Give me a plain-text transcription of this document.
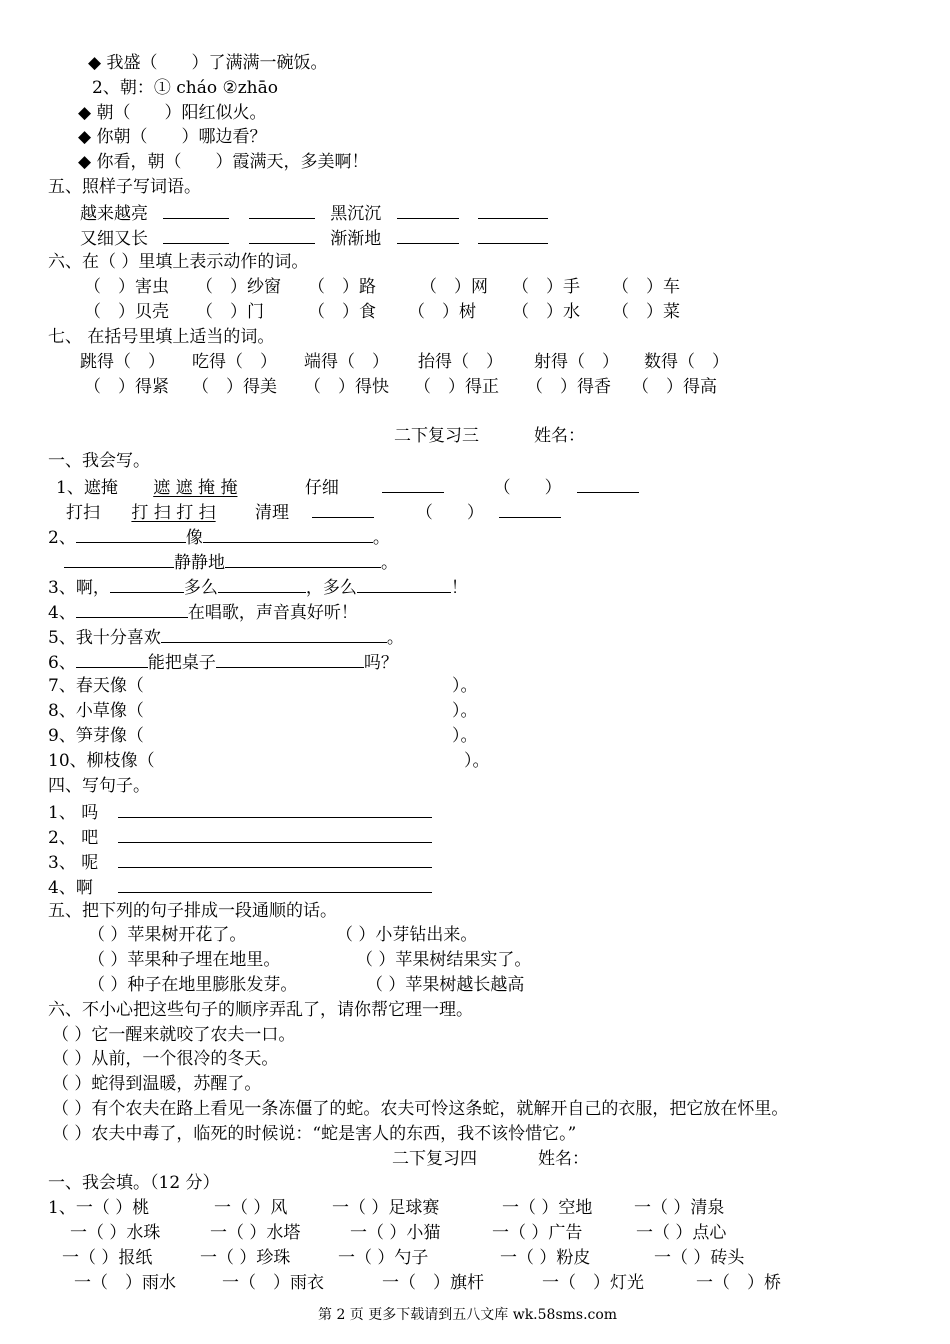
◆ 我盛（　　）了满满一碗饭。
2、朝：① cháo ②zhāo
◆ 朝（　　）阳红似火。
◆ 你朝（　　）哪边看？
◆ 你看，朝（　　）霞满天，多美啊！
五、照样子写词语。
越来越亮	黑沉沉
又细又长	渐渐地
六、在（ ）里填上表示动作的词。
（　）害虫 （　）纱窗 （　）路	（　）网 （　）手 （　）车
（　）贝壳 （　）门	（　）食 （　）树 （　）水 （　）菜
七、 在括号里填上适当的词。
跳得（　） 吃得（　） 端得（　） 抬得（　） 射得（　） 数得（　）
（　）得紧 （　）得美 （　）得快 （　）得正 （　）得香 （　）得高
二下复习三	姓名：
一、我会写。
1、遮掩 遮 遮 掩 掩	仔细	（　　）
打扫 打 扫 打 扫 清理	（　　）
2、	像	。
静静地	。
3、啊，	多么	，多么	！
4、	在唱歌，声音真好听！
5、我十分喜欢	。
6、	能把桌子	吗？
7、春天像（	）。
8、小草像（	）。
9、笋芽像（	）。
10、柳枝像（	）。
四、写句子。
1、 吗
2、 吧
3、 呢
4、啊
五、把下列的句子排成一段通顺的话。
（ ）苹果树开花了。	（ ）小芽钻出来。
（ ）苹果种子埋在地里。	（ ）苹果树结果实了。
（ ）种子在地里膨胀发芽。	（ ）苹果树越长越高
六、不小心把这些句子的顺序弄乱了，请你帮它理一理。
（ ）它一醒来就咬了农夫一口。
（ ）从前，一个很冷的冬天。
（ ）蛇得到温暖，苏醒了。
（ ）有个农夫在路上看见一条冻僵了的蛇。农夫可怜这条蛇，就解开自己的衣服，把它放在怀里。
（ ）农夫中毒了，临死的时候说：“蛇是害人的东西，我不该怜惜它。”
二下复习四	姓名：
一、我会填。（12 分）
1、一（ ）桃	一（ ）风	一（ ）足球赛	一（ ）空地 一（ ）清泉
一（ ）水珠	一（ ）水塔	一（ ）小猫	一（ ）广告	一（ ）点心
一（ ）报纸	一（ ）珍珠	一（ ）勺子	一（ ）粉皮	一（ ）砖头
一（　）雨水	一（　）雨衣	一（　）旗杆	一（　）灯光	一（　）桥
第 2 页 更多下载请到五八文库 wk.58sms.com
